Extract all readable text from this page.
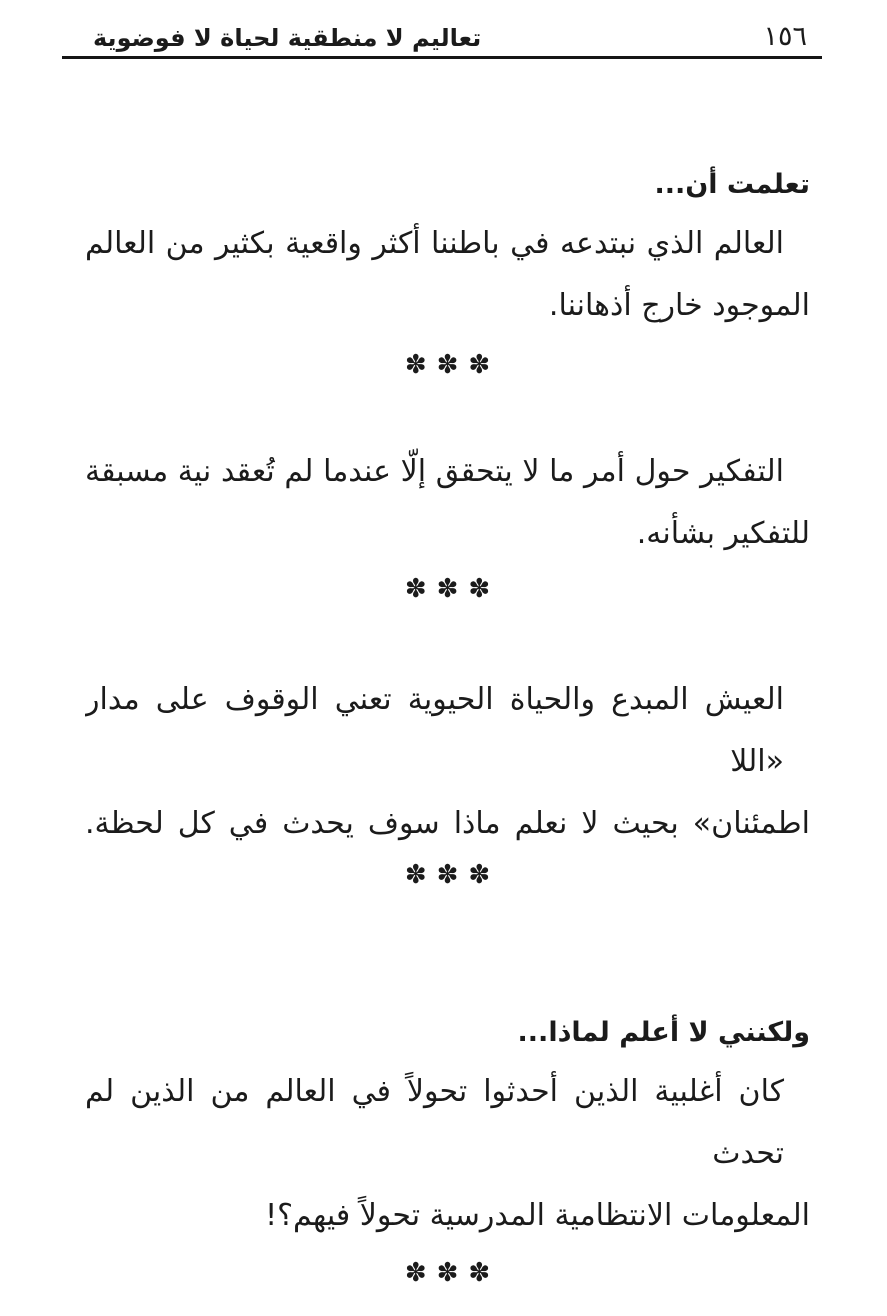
تعاليم لا منطقية لحياة لا فوضوية	١٥٦
تعلمت أن...
العالم الذي نبتدعه في باطننا أكثر واقعية بكثير من العالم
الموجود خارج أذهاننا.
✽✽✽
التفكير حول أمر ما لا يتحقق إلّا عندما لم تُعقد نية مسبقة
للتفكير بشأنه.
✽✽✽
العيش المبدع والحياة الحيوية تعني الوقوف على مدار «اللا
اطمئنان» بحيث لا نعلم ماذا سوف يحدث في كل لحظة.
✽✽✽
ولكنني لا أعلم لماذا...
كان أغلبية الذين أحدثوا تحولاً في العالم من الذين لم تحدث
المعلومات الانتظامية المدرسية تحولاً فيهم؟!
✽✽✽
